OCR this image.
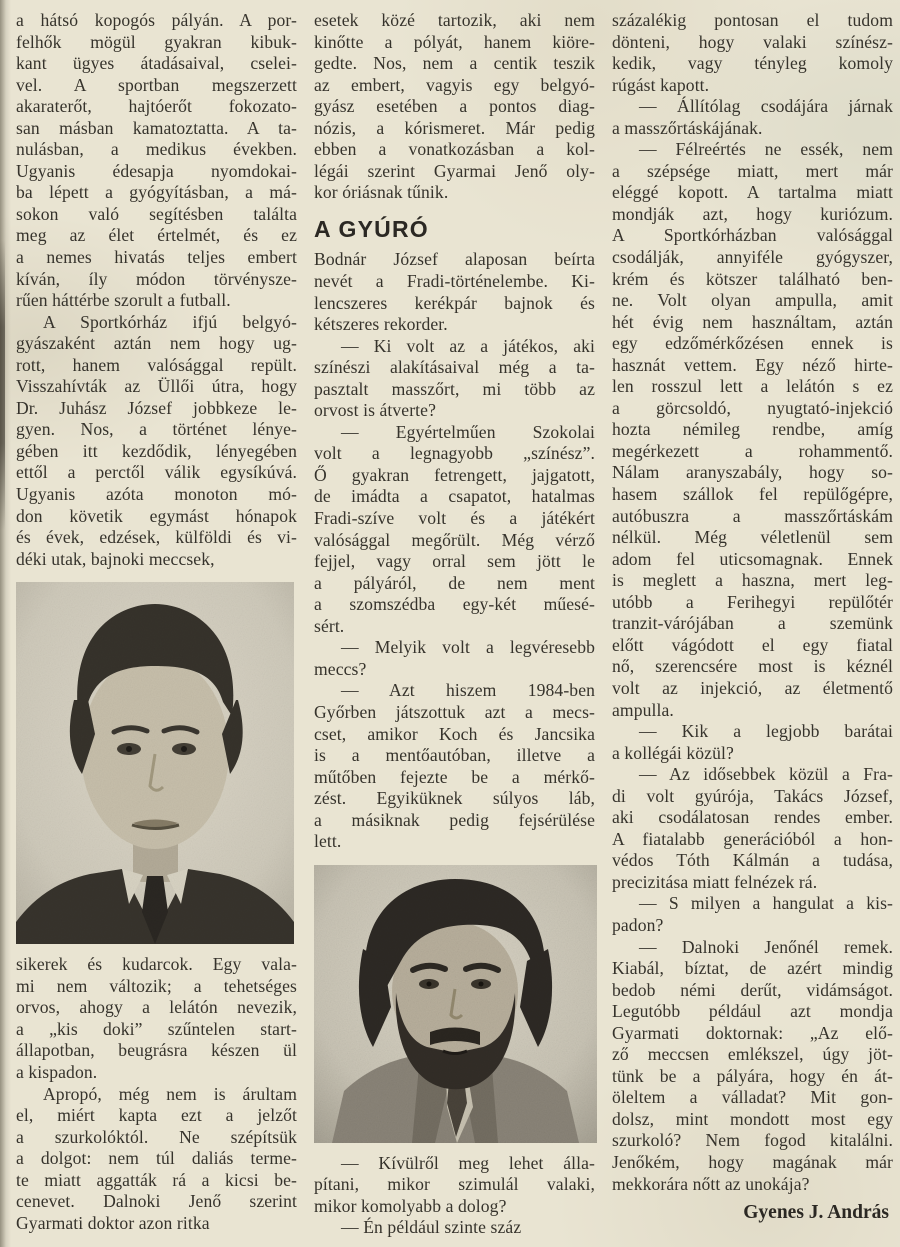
a hátsó kopogós pályán. A por-
felhők mögül gyakran kibuk-
kant ügyes átadásaival, cselei-
vel. A sportban megszerzett
akaraterőt, hajtóerőt fokozato-
san másban kamatoztatta. A ta-
nulásban, a medikus években.
Ugyanis édesapja nyomdokai-
ba lépett a gyógyításban, a má-
sokon való segítésben találta
meg az élet értelmét, és ez
a nemes hivatás teljes embert
kíván, íly módon törvénysze-
rűen háttérbe szorult a futball.
A Sportkórház ifjú belgyó-
gyászaként aztán nem hogy ug-
rott, hanem valósággal repült.
Visszahívták az Üllői útra, hogy
Dr. Juhász József jobbkeze le-
gyen. Nos, a történet lénye-
gében itt kezdődik, lényegében
ettől a perctől válik egysíkúvá.
Ugyanis azóta monoton mó-
don követik egymást hónapok
és évek, edzések, külföldi és vi-
déki utak, bajnoki meccsek,
sikerek és kudarcok. Egy vala-
mi nem változik; a tehetséges
orvos, ahogy a lelátón nevezik,
a „kis doki” szűntelen start-
állapotban, beugrásra készen ül
a kispadon.
Apropó, még nem is árultam
el, miért kapta ezt a jelzőt
a szurkolóktól. Ne szépítsük
a dolgot: nem túl daliás terme-
te miatt aggatták rá a kicsi be-
cenevet. Dalnoki Jenő szerint
Gyarmati doktor azon ritka
esetek közé tartozik, aki nem
kinőtte a pólyát, hanem kiöre-
gedte. Nos, nem a centik teszik
az embert, vagyis egy belgyó-
gyász esetében a pontos diag-
nózis, a kórismeret. Már pedig
ebben a vonatkozásban a kol-
légái szerint Gyarmai Jenő oly-
kor óriásnak tűnik.
A GYÚRÓ
Bodnár József alaposan beírta
nevét a Fradi-történelembe. Ki-
lencszeres kerékpár bajnok és
kétszeres rekorder.
— Ki volt az a játékos, aki
színészi alakításaival még a ta-
pasztalt masszőrt, mi több az
orvost is átverte?
— Egyértelműen Szokolai
volt a legnagyobb „színész”.
Ő gyakran fetrengett, jajgatott,
de imádta a csapatot, hatalmas
Fradi-szíve volt és a játékért
valósággal megőrült. Még vérző
fejjel, vagy orral sem jött le
a pályáról, de nem ment
a szomszédba egy-két műesé-
sért.
— Melyik volt a legvéresebb
meccs?
— Azt hiszem 1984-ben
Győrben játszottuk azt a mecs-
cset, amikor Koch és Jancsika
is a mentőautóban, illetve a
műtőben fejezte be a mérkő-
zést. Egyiküknek súlyos láb,
a másiknak pedig fejsérülése
lett.
— Kívülről meg lehet álla-
pítani, mikor szimulál valaki,
mikor komolyabb a dolog?
— Én például szinte száz
százalékig pontosan el tudom
dönteni, hogy valaki színész-
kedik, vagy tényleg komoly
rúgást kapott.
— Állítólag csodájára járnak
a masszőrtáskájának.
— Félreértés ne essék, nem
a szépsége miatt, mert már
eléggé kopott. A tartalma miatt
mondják azt, hogy kuriózum.
A Sportkórházban valósággal
csodálják, annyiféle gyógyszer,
krém és kötszer található ben-
ne. Volt olyan ampulla, amit
hét évig nem használtam, aztán
egy edzőmérkőzésen ennek is
hasznát vettem. Egy néző hirte-
len rosszul lett a lelátón s ez
a görcsoldó, nyugtató-injekció
hozta némileg rendbe, amíg
megérkezett a rohammentő.
Nálam aranyszabály, hogy so-
hasem szállok fel repülőgépre,
autóbuszra a masszőrtáskám
nélkül. Még véletlenül sem
adom fel uticsomagnak. Ennek
is meglett a haszna, mert leg-
utóbb a Ferihegyi repülőtér
tranzit-várójában a szemünk
előtt vágódott el egy fiatal
nő, szerencsére most is kéznél
volt az injekció, az életmentő
ampulla.
— Kik a legjobb barátai
a kollégái közül?
— Az idősebbek közül a Fra-
di volt gyúrója, Takács József,
aki csodálatosan rendes ember.
A fiatalabb generációból a hon-
védos Tóth Kálmán a tudása,
precizitása miatt felnézek rá.
— S milyen a hangulat a kis-
padon?
— Dalnoki Jenőnél remek.
Kiabál, bíztat, de azért mindig
bedob némi derűt, vidámságot.
Legutóbb például azt mondja
Gyarmati doktornak: „Az elő-
ző meccsen emlékszel, úgy jöt-
tünk be a pályára, hogy én át-
öleltem a válladat? Mit gon-
dolsz, mint mondott most egy
szurkoló? Nem fogod kitalálni.
Jenőkém, hogy magának már
mekkorára nőtt az unokája?
Gyenes J. András
